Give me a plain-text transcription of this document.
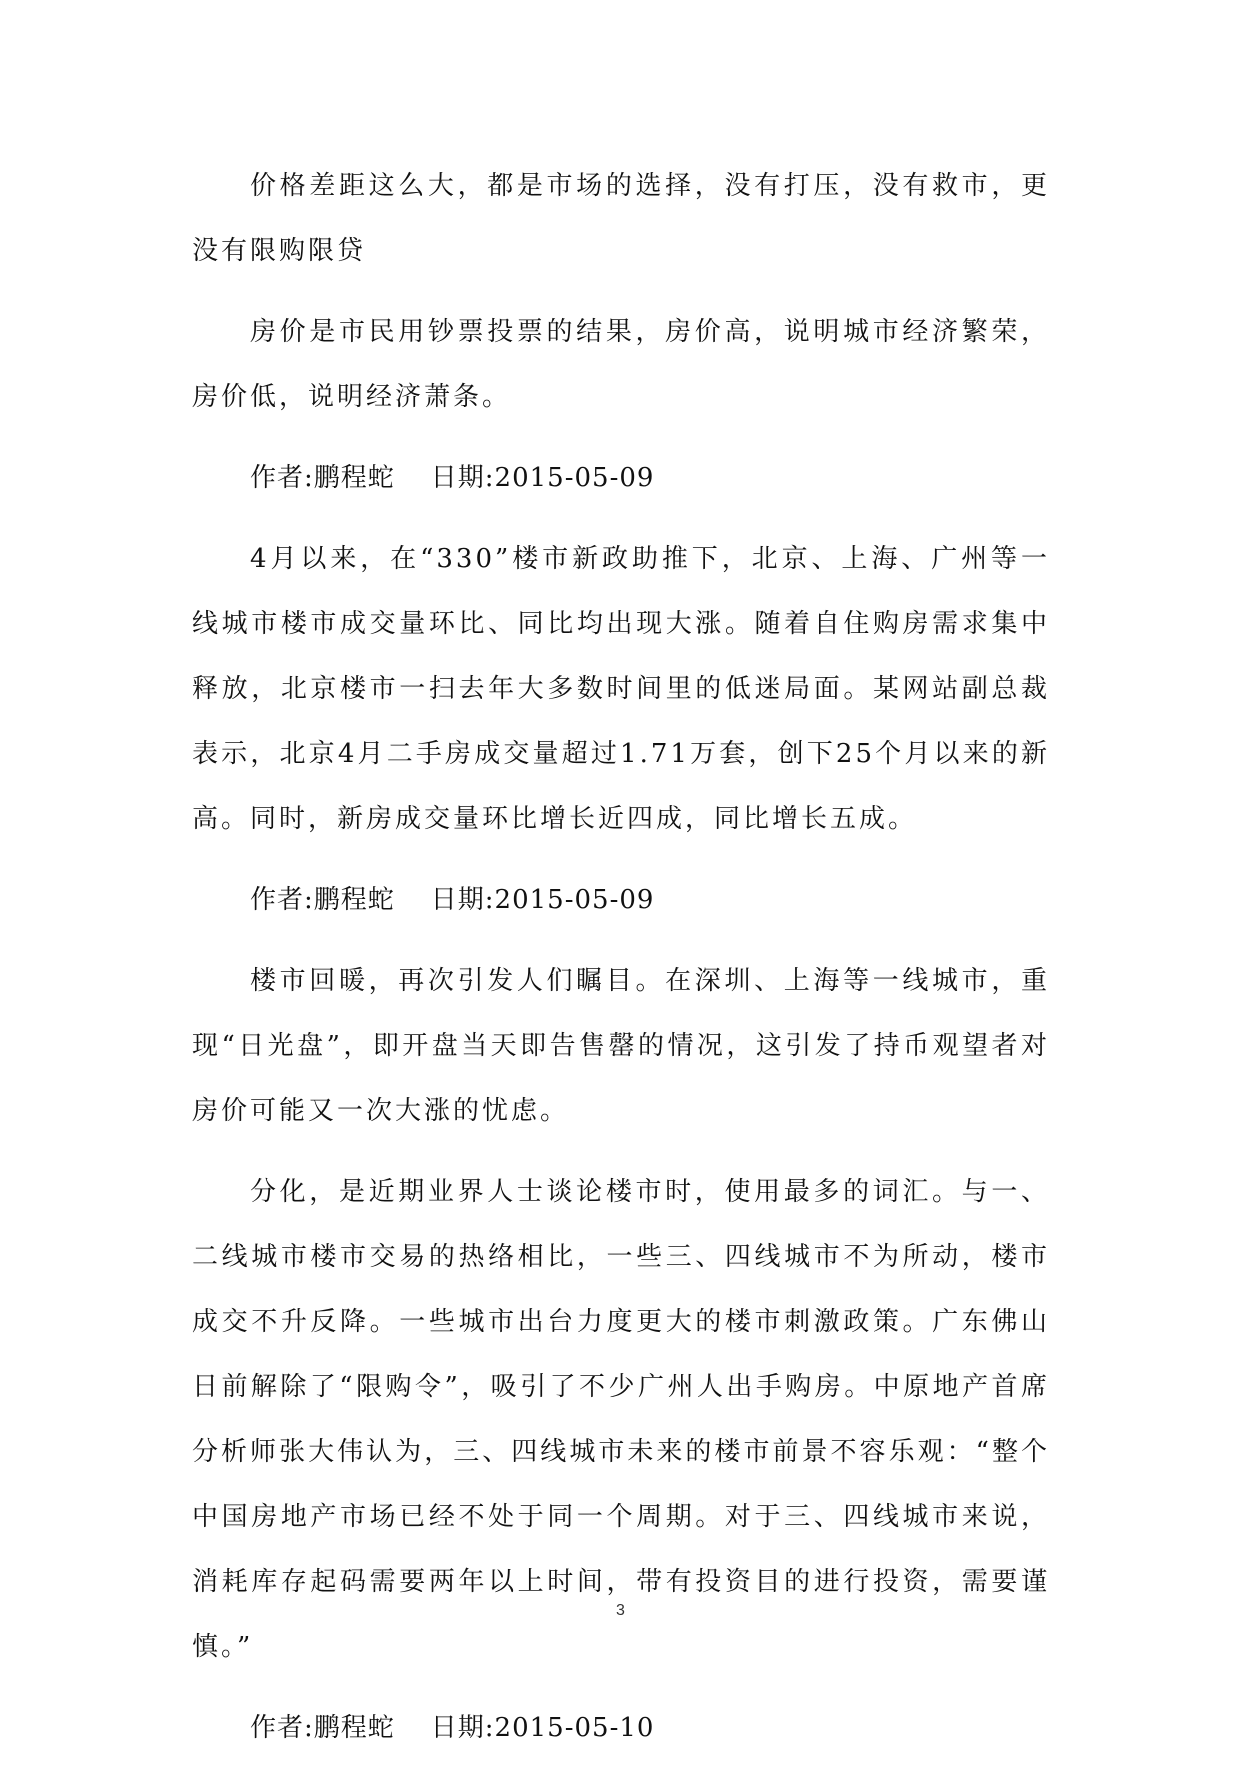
价格差距这么大，都是市场的选择，没有打压，没有救市，更没有限购限贷

房价是市民用钞票投票的结果，房价高，说明城市经济繁荣，房价低，说明经济萧条。

作者:鹏程蛇 日期:2015-05-09

4月以来，在“330”楼市新政助推下，北京、上海、广州等一线城市楼市成交量环比、同比均出现大涨。随着自住购房需求集中释放，北京楼市一扫去年大多数时间里的低迷局面。某网站副总裁表示，北京4月二手房成交量超过1.71万套，创下25个月以来的新高。同时，新房成交量环比增长近四成，同比增长五成。

作者:鹏程蛇 日期:2015-05-09

楼市回暖，再次引发人们瞩目。在深圳、上海等一线城市，重现“日光盘”，即开盘当天即告售罄的情况，这引发了持币观望者对房价可能又一次大涨的忧虑。

分化，是近期业界人士谈论楼市时，使用最多的词汇。与一、二线城市楼市交易的热络相比，一些三、四线城市不为所动，楼市成交不升反降。一些城市出台力度更大的楼市刺激政策。广东佛山日前解除了“限购令”，吸引了不少广州人出手购房。中原地产首席分析师张大伟认为，三、四线城市未来的楼市前景不容乐观：“整个中国房地产市场已经不处于同一个周期。对于三、四线城市来说，消耗库存起码需要两年以上时间，带有投资目的进行投资，需要谨慎。”

作者:鹏程蛇 日期:2015-05-10
3
